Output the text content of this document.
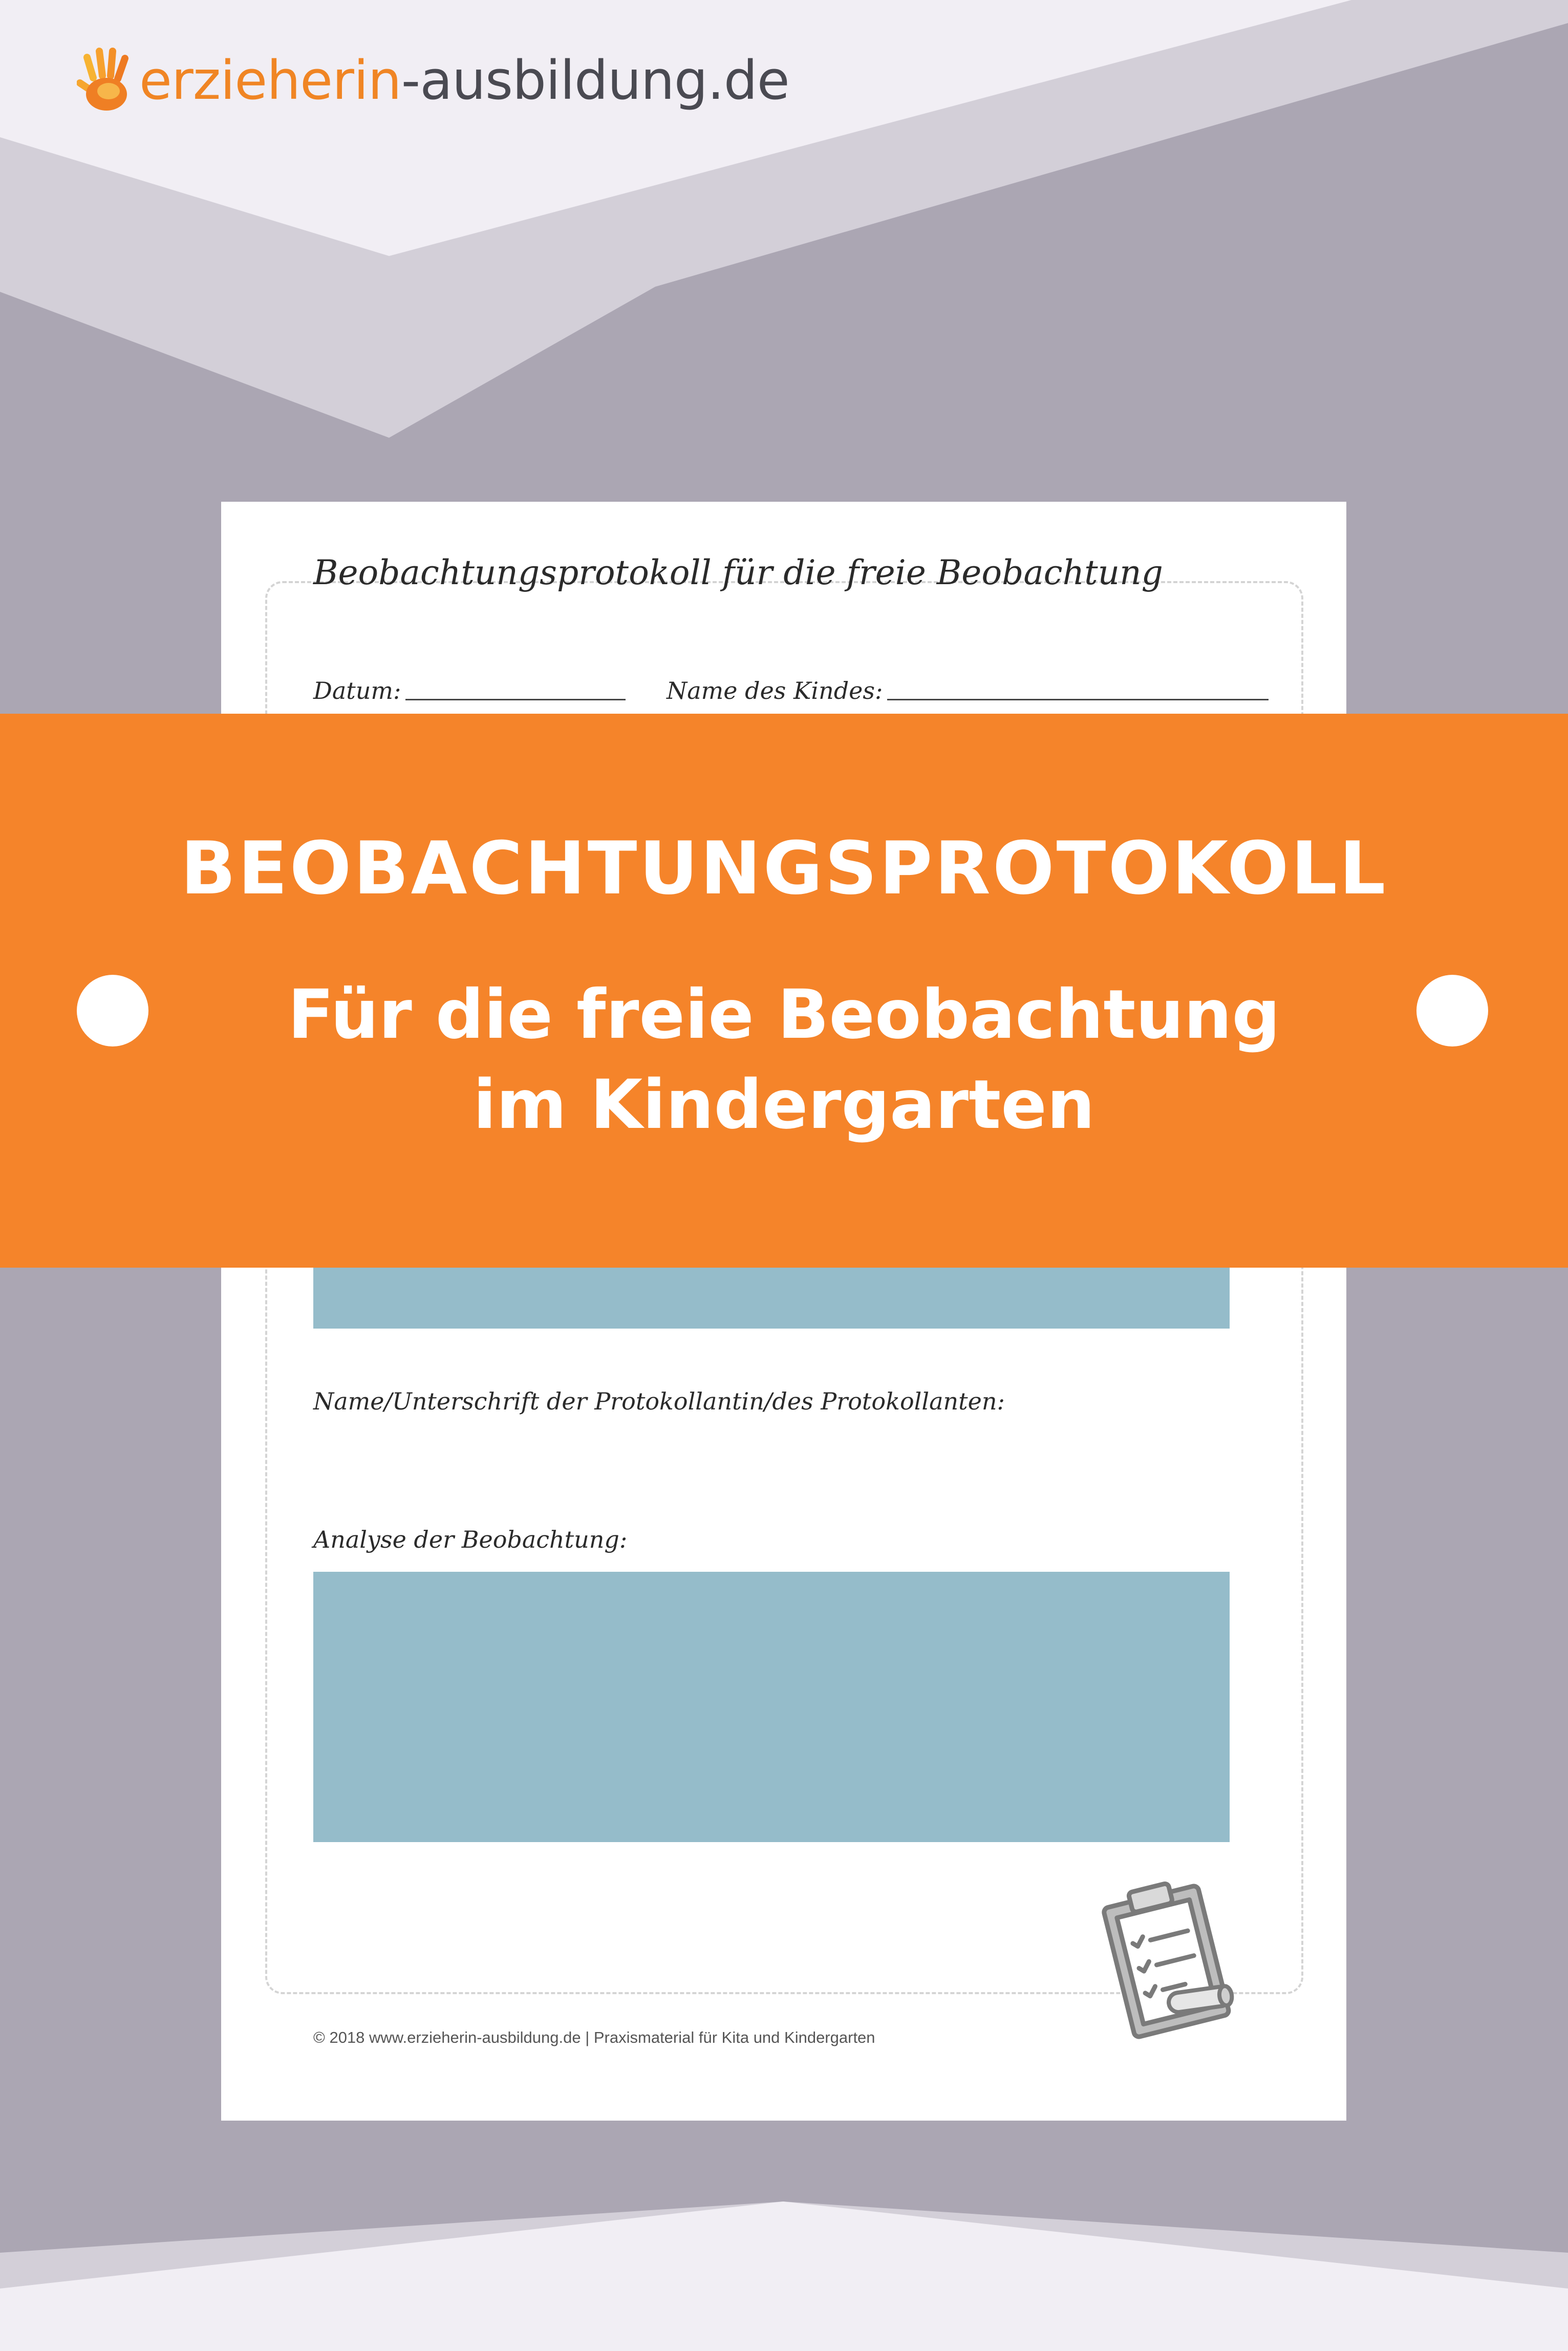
erzieherin-ausbildung.de
Beobachtungsprotokoll für die freie Beobachtung
Datum:	Name des Kindes:
Name/Unterschrift der Protokollantin/des Protokollanten:
Analyse der Beobachtung:
© 2018 www.erzieherin-ausbildung.de | Praxismaterial für Kita und Kindergarten
BEOBACHTUNGSPROTOKOLL
Für die freie Beobachtung
im Kindergarten
